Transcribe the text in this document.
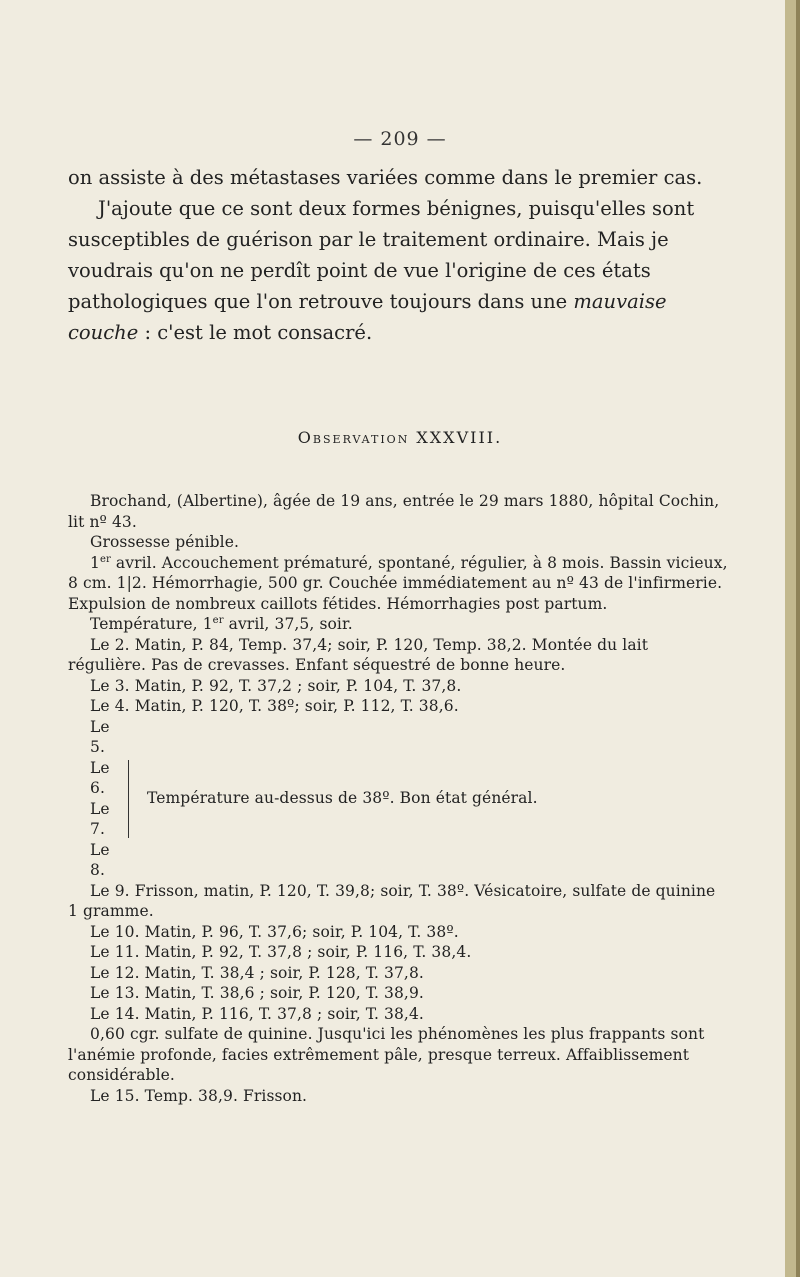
— 209 —

on assiste à des métastases variées comme dans le premier cas.

J'ajoute que ce sont deux formes bénignes, puisqu'elles sont susceptibles de guérison par le traitement ordinaire. Mais je voudrais qu'on ne perdît point de vue l'origine de ces états pathologiques que l'on retrouve toujours dans une mauvaise couche : c'est le mot consacré.

Observation XXXVIII.

Brochand, (Albertine), âgée de 19 ans, entrée le 29 mars 1880, hôpital Cochin, lit nº 43.

Grossesse pénible.

1er avril. Accouchement prématuré, spontané, régulier, à 8 mois. Bassin vicieux, 8 cm. 1|2. Hémorrhagie, 500 gr. Couchée immédiatement au nº 43 de l'infirmerie. Expulsion de nombreux caillots fétides. Hémorrhagies post partum.

Température, 1er avril, 37,5, soir.

Le 2. Matin, P. 84, Temp. 37,4; soir, P. 120, Temp. 38,2. Montée du lait régulière. Pas de crevasses. Enfant séquestré de bonne heure.

Le 3. Matin, P. 92, T. 37,2 ; soir, P. 104, T. 37,8.

Le 4. Matin, P. 120, T. 38º; soir, P. 112, T. 38,6.

Le 5.
Le 6.
Le 7.
Le 8.
Température au-dessus de 38º. Bon état général.

Le 9. Frisson, matin, P. 120, T. 39,8; soir, T. 38º. Vésicatoire, sulfate de quinine 1 gramme.

Le 10. Matin, P. 96, T. 37,6; soir, P. 104, T. 38º.

Le 11. Matin, P. 92, T. 37,8 ; soir, P. 116, T. 38,4.

Le 12. Matin, T. 38,4 ; soir, P. 128, T. 37,8.

Le 13. Matin, T. 38,6 ; soir, P. 120, T. 38,9.

Le 14. Matin, P. 116, T. 37,8 ; soir, T. 38,4.

0,60 cgr. sulfate de quinine. Jusqu'ici les phénomènes les plus frappants sont l'anémie profonde, facies extrêmement pâle, presque terreux. Affaiblissement considérable.

Le 15. Temp. 38,9. Frisson.
